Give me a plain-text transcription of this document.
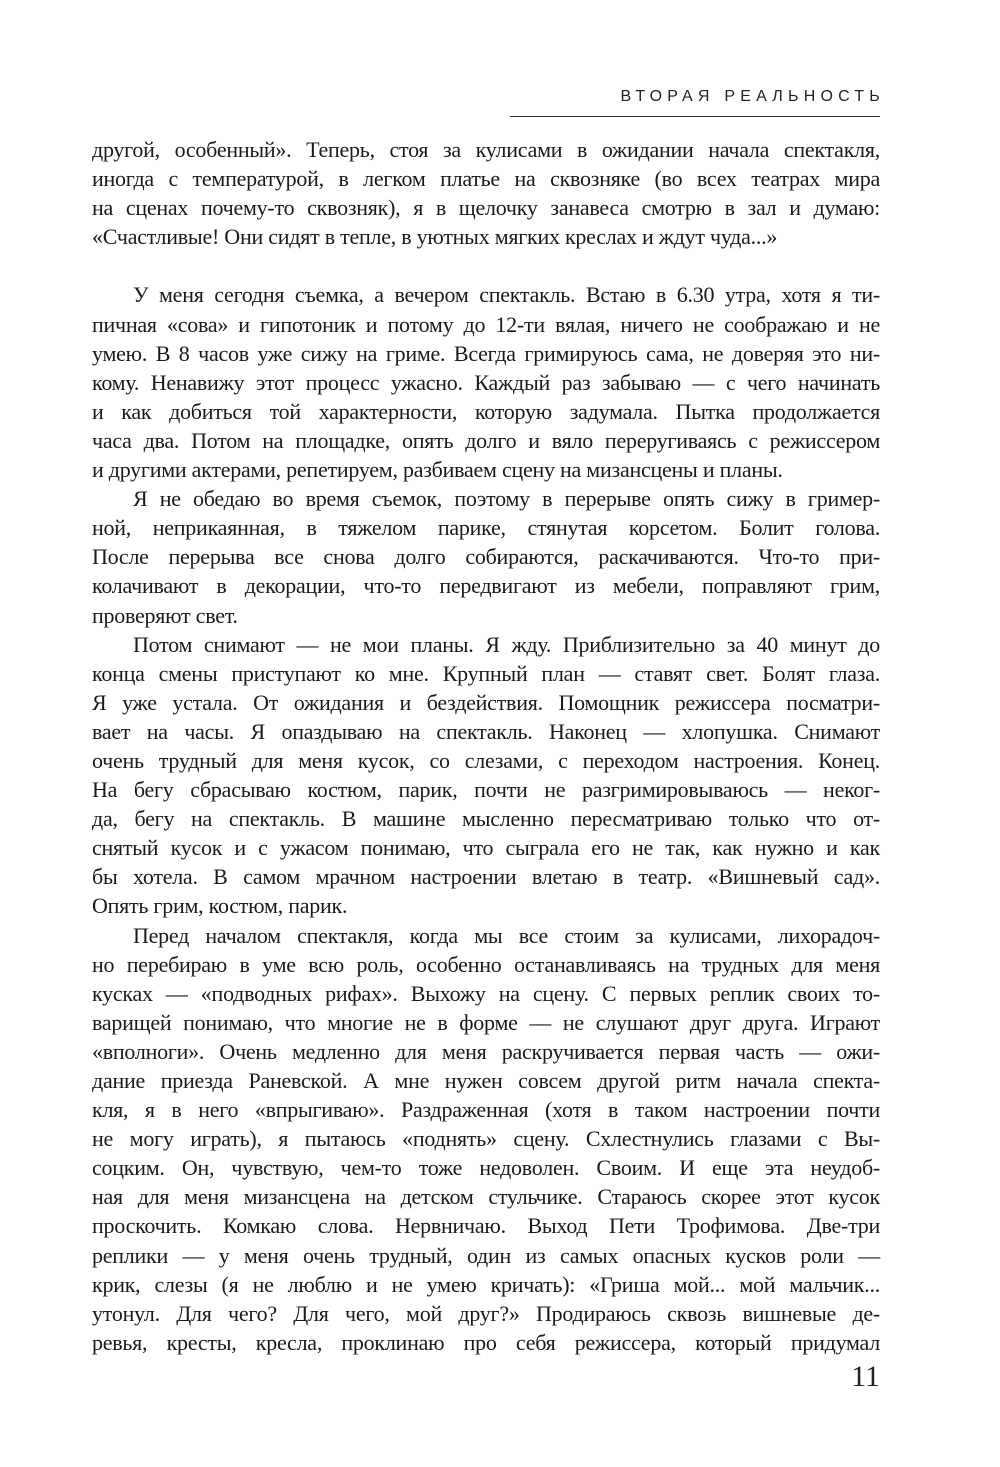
ВТОРАЯ РЕАЛЬНОСТЬ
другой, особенный». Теперь, стоя за кулисами в ожидании начала спектакля,
иногда с температурой, в легком платье на сквозняке (во всех театрах мира
на сценах почему-то сквозняк), я в щелочку занавеса смотрю в зал и думаю:
«Счастливые! Они сидят в тепле, в уютных мягких креслах и ждут чуда...»
У меня сегодня съемка, а вечером спектакль. Встаю в 6.30 утра, хотя я ти-
пичная «сова» и гипотоник и потому до 12-ти вялая, ничего не соображаю и не
умею. В 8 часов уже сижу на гриме. Всегда гримируюсь сама, не доверяя это ни-
кому. Ненавижу этот процесс ужасно. Каждый раз забываю — с чего начинать
и как добиться той характерности, которую задумала. Пытка продолжается
часа два. Потом на площадке, опять долго и вяло переругиваясь с режиссером
и другими актерами, репетируем, разбиваем сцену на мизансцены и планы.
Я не обедаю во время съемок, поэтому в перерыве опять сижу в гример-
ной, неприкаянная, в тяжелом парике, стянутая корсетом. Болит голова.
После перерыва все снова долго собираются, раскачиваются. Что-то при-
колачивают в декорации, что-то передвигают из мебели, поправляют грим,
проверяют свет.
Потом снимают — не мои планы. Я жду. Приблизительно за 40 минут до
конца смены приступают ко мне. Крупный план — ставят свет. Болят глаза.
Я уже устала. От ожидания и бездействия. Помощник режиссера посматри-
вает на часы. Я опаздываю на спектакль. Наконец — хлопушка. Снимают
очень трудный для меня кусок, со слезами, с переходом настроения. Конец.
На бегу сбрасываю костюм, парик, почти не разгримировываюсь — неког-
да, бегу на спектакль. В машине мысленно пересматриваю только что от-
снятый кусок и с ужасом понимаю, что сыграла его не так, как нужно и как
бы хотела. В самом мрачном настроении влетаю в театр. «Вишневый сад».
Опять грим, костюм, парик.
Перед началом спектакля, когда мы все стоим за кулисами, лихорадоч-
но перебираю в уме всю роль, особенно останавливаясь на трудных для меня
кусках — «подводных рифах». Выхожу на сцену. С первых реплик своих то-
варищей понимаю, что многие не в форме — не слушают друг друга. Играют
«вполноги». Очень медленно для меня раскручивается первая часть — ожи-
дание приезда Раневской. А мне нужен совсем другой ритм начала спекта-
кля, я в него «впрыгиваю». Раздраженная (хотя в таком настроении почти
не могу играть), я пытаюсь «поднять» сцену. Схлестнулись глазами с Вы-
соцким. Он, чувствую, чем-то тоже недоволен. Своим. И еще эта неудоб-
ная для меня мизансцена на детском стульчике. Стараюсь скорее этот кусок
проскочить. Комкаю слова. Нервничаю. Выход Пети Трофимова. Две-три
реплики — у меня очень трудный, один из самых опасных кусков роли —
крик, слезы (я не люблю и не умею кричать): «Гриша мой... мой мальчик...
утонул. Для чего? Для чего, мой друг?» Продираюсь сквозь вишневые де-
ревья, кресты, кресла, проклинаю про себя режиссера, который придумал
11
